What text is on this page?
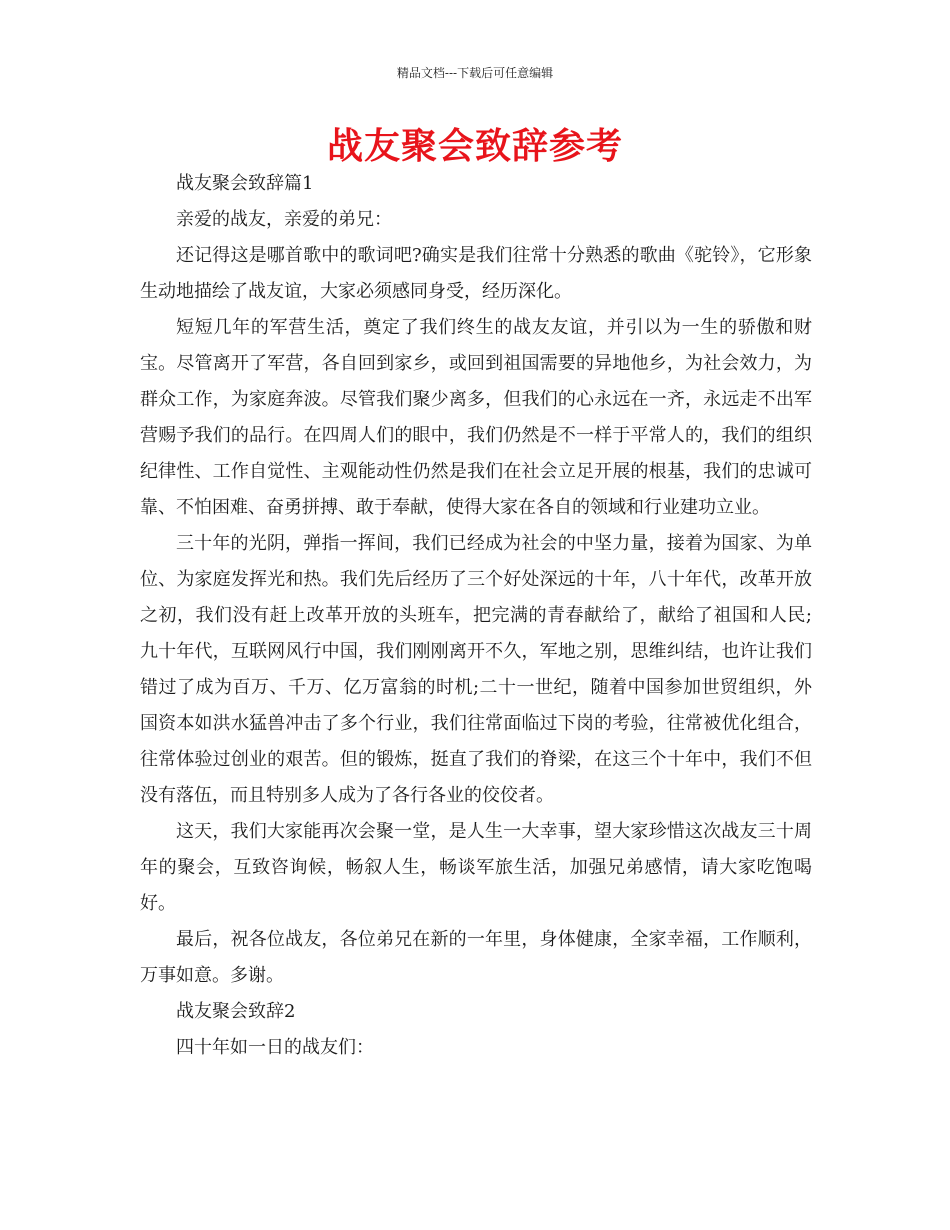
精品文档---下载后可任意编辑
战友聚会致辞参考

战友聚会致辞篇1

亲爱的战友，亲爱的弟兄：

还记得这是哪首歌中的歌词吧?确实是我们往常十分熟悉的歌曲《驼铃》，它形象生动地描绘了战友谊，大家必须感同身受，经历深化。

短短几年的军营生活，奠定了我们终生的战友友谊，并引以为一生的骄傲和财宝。尽管离开了军营，各自回到家乡，或回到祖国需要的异地他乡，为社会效力，为群众工作，为家庭奔波。尽管我们聚少离多，但我们的心永远在一齐，永远走不出军营赐予我们的品行。在四周人们的眼中，我们仍然是不一样于平常人的，我们的组织纪律性、工作自觉性、主观能动性仍然是我们在社会立足开展的根基，我们的忠诚可靠、不怕困难、奋勇拼搏、敢于奉献，使得大家在各自的领域和行业建功立业。

三十年的光阴，弹指一挥间，我们已经成为社会的中坚力量，接着为国家、为单位、为家庭发挥光和热。我们先后经历了三个好处深远的十年，八十年代，改革开放之初，我们没有赶上改革开放的头班车，把完满的青春献给了，献给了祖国和人民;九十年代，互联网风行中国，我们刚刚离开不久，军地之别，思维纠结，也许让我们错过了成为百万、千万、亿万富翁的时机;二十一世纪，随着中国参加世贸组织，外国资本如洪水猛兽冲击了多个行业，我们往常面临过下岗的考验，往常被优化组合，往常体验过创业的艰苦。但的锻炼，挺直了我们的脊梁，在这三个十年中，我们不但没有落伍，而且特别多人成为了各行各业的佼佼者。

这天，我们大家能再次会聚一堂，是人生一大幸事，望大家珍惜这次战友三十周年的聚会，互致咨询候，畅叙人生，畅谈军旅生活，加强兄弟感情，请大家吃饱喝好。

最后，祝各位战友，各位弟兄在新的一年里，身体健康，全家幸福，工作顺利，万事如意。多谢。

战友聚会致辞2

四十年如一日的战友们：
